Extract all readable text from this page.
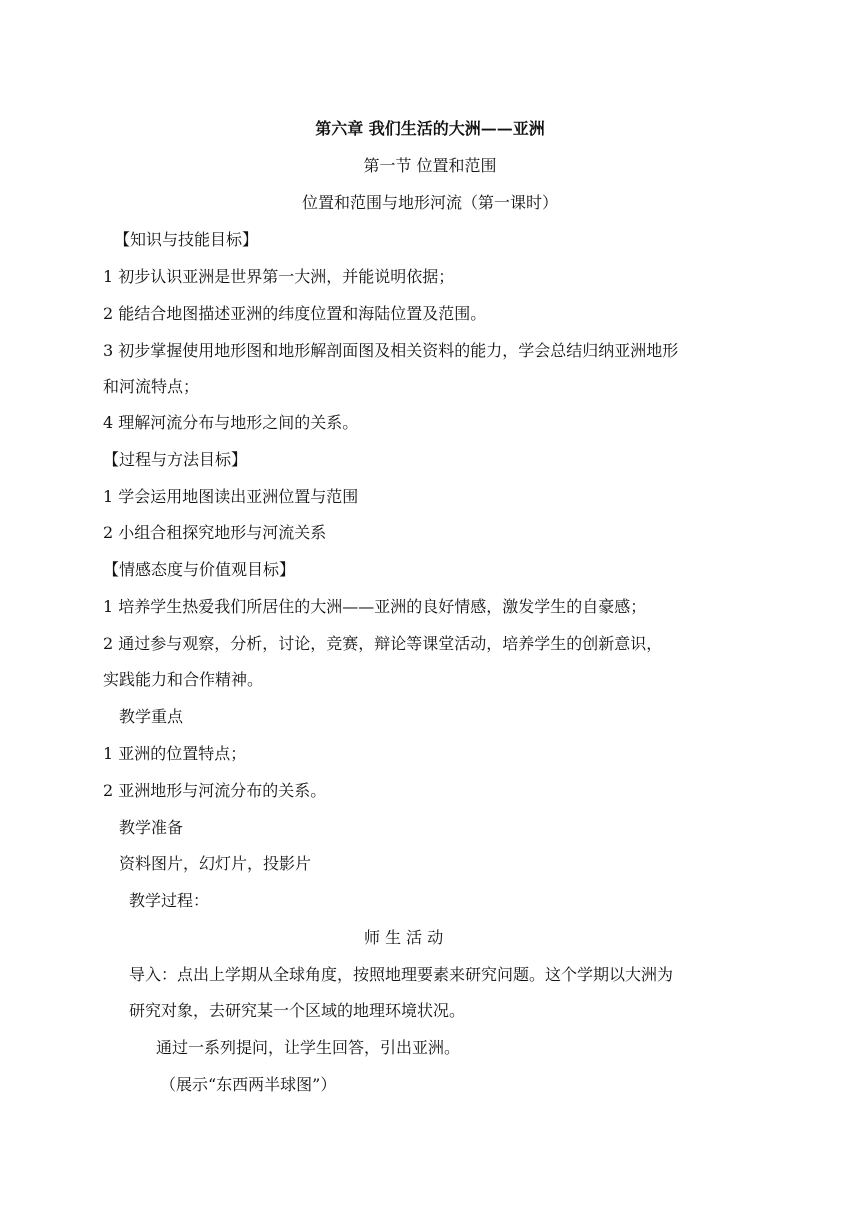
第六章 我们生活的大洲——亚洲
第一节 位置和范围
位置和范围与地形河流（第一课时）
【知识与技能目标】
1 初步认识亚洲是世界第一大洲，并能说明依据；
2 能结合地图描述亚洲的纬度位置和海陆位置及范围。
3 初步掌握使用地形图和地形解剖面图及相关资料的能力，学会总结归纳亚洲地形
和河流特点；
4 理解河流分布与地形之间的关系。
【过程与方法目标】
1 学会运用地图读出亚洲位置与范围
2 小组合租探究地形与河流关系
【情感态度与价值观目标】
1 培养学生热爱我们所居住的大洲——亚洲的良好情感，激发学生的自豪感；
2 通过参与观察，分析，讨论，竞赛，辩论等课堂活动，培养学生的创新意识，
实践能力和合作精神。
教学重点
1 亚洲的位置特点；
2 亚洲地形与河流分布的关系。
教学准备
资料图片，幻灯片，投影片
教学过程：
师 生 活 动
导入：点出上学期从全球角度，按照地理要素来研究问题。这个学期以大洲为
研究对象，去研究某一个区域的地理环境状况。
通过一系列提问，让学生回答，引出亚洲。
（展示“东西两半球图”）
